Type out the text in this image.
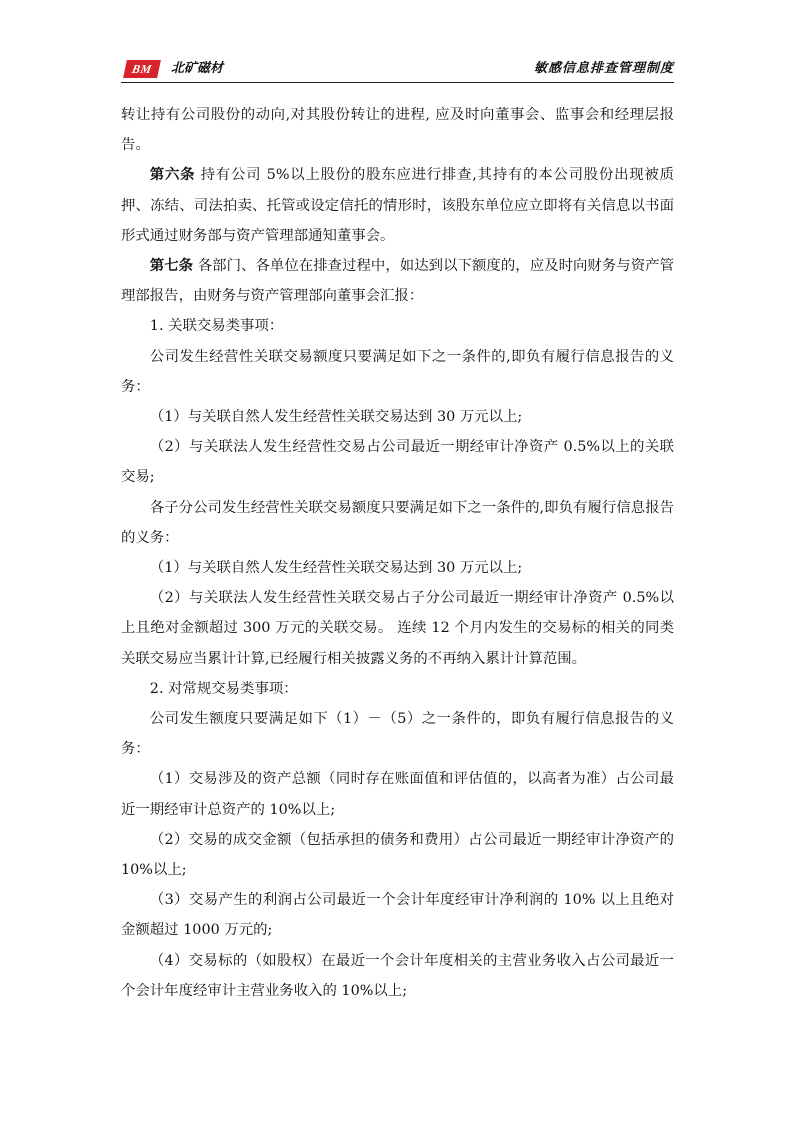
BM	北矿磁材	敏感信息排查管理制度

转让持有公司股份的动向,对其股份转让的进程, 应及时向董事会、监事会和经理层报告。

第六条 持有公司 5%以上股份的股东应进行排查,其持有的本公司股份出现被质押、冻结、司法拍卖、托管或设定信托的情形时，该股东单位应立即将有关信息以书面形式通过财务部与资产管理部通知董事会。

第七条 各部门、各单位在排查过程中，如达到以下额度的，应及时向财务与资产管理部报告，由财务与资产管理部向董事会汇报：

1. 关联交易类事项：

公司发生经营性关联交易额度只要满足如下之一条件的,即负有履行信息报告的义务：

（1）与关联自然人发生经营性关联交易达到 30 万元以上;

（2）与关联法人发生经营性交易占公司最近一期经审计净资产 0.5%以上的关联交易;

各子分公司发生经营性关联交易额度只要满足如下之一条件的,即负有履行信息报告的义务：

（1）与关联自然人发生经营性关联交易达到 30 万元以上;

（2）与关联法人发生经营性关联交易占子分公司最近一期经审计净资产 0.5%以上且绝对金额超过 300 万元的关联交易。 连续 12 个月内发生的交易标的相关的同类关联交易应当累计计算,已经履行相关披露义务的不再纳入累计计算范围。

2. 对常规交易类事项：

公司发生额度只要满足如下（1）－（5）之一条件的，即负有履行信息报告的义务：

（1）交易涉及的资产总额（同时存在账面值和评估值的，以高者为准）占公司最近一期经审计总资产的 10%以上;

（2）交易的成交金额（包括承担的债务和费用）占公司最近一期经审计净资产的 10%以上;

（3）交易产生的利润占公司最近一个会计年度经审计净利润的 10% 以上且绝对金额超过 1000 万元的;

（4）交易标的（如股权）在最近一个会计年度相关的主营业务收入占公司最近一个会计年度经审计主营业务收入的 10%以上;
